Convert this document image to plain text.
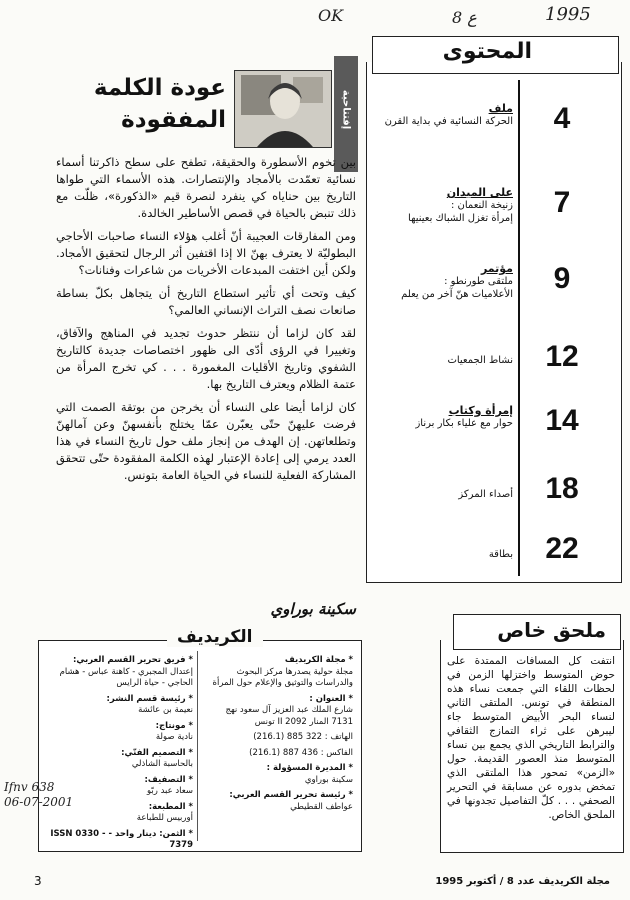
OK	ع 8	1995
4
ملف
الحركة النسائية في بداية القرن
7
على الميدان
زنيخة النعمان :
إمرأة تغزل الشباك بعينيها
9
مؤتمر
ملتقى طورنطو :
الأعلاميات هنّ آخر من يعلم
12
نشاط الجمعيات
14
إمرأة وكتاب
حوار مع علياء بكار برناز
18
أصداء المركز
22
بطاقة
المحتوى
إفتتاحية
عودة الكلمة
المفقودة

بين تخوم الأسطورة والحقيقة، تطفح على سطح ذاكرتنا أسماء نسائية تعمّدت بالأمجاد والإنتصارات. هذه الأسماء التي طواها التاريخ بين حناياه كي ينفرد لنصرة قيم «الذكورة»، ظلّت مع ذلك تنبض بالحياة في قصص الأساطير الخالدة.

ومن المفارقات العجيبة أنّ أغلب هؤلاء النساء صاحبات الأحاجي البطوليّة لا يعترف بهنّ الا إذا اقتفين أثر الرجال لتحقيق الأمجاد. ولكن أين اختفت المبدعات الأخريات من شاعرات وفنانات؟

كيف وتحت أي تأثير استطاع التاريخ أن يتجاهل بكلّ بساطة صانعات نصف التراث الإنساني العالمي؟

لقد كان لزاما أن ننتظر حدوث تجديد في المناهج والآفاق، وتغييرا في الرؤى أدّى الى ظهور اختصاصات جديدة كالتاريخ الشفوي وتاريخ الأقليات المغمورة . . . كي تخرج المرأة من عتمة الظلام ويعترف التاريخ بها.

كان لزاما أيضا على النساء أن يخرجن من بوتقة الصمت التي فرضت عليهنّ حتّى يعبّرن عمّا يختلج بأنفسهنّ وعن آمالهنّ وتطلعاتهن. إن الهدف من إنجاز ملف حول تاريخ النساء في هذا العدد يرمي إلى إعادة الإعتبار لهذه الكلمة المفقودة حتّى تتحقق المشاركة الفعلية للنساء في الحياة العامة بتونس.

سكينة بوراوي
الكريديف

* مجلة الكريديف
مجلة حولية يصدرها مركز البحوث والدراسات والتوثيق والإعلام حول المرأة

* العنوان :
شارع الملك عبد العزيز آل سعود نهج 7131 المنار II 2092 تونس

الهاتف : 322 885 (216.1)

الفاكس : 436 887 (216.1)

* المديرة المسؤولة :
سكينة بوراوي

* رئيسة تحرير القسم العربي:
عواطف القطيطي

* فريق تحرير القسم العربي:
إعتدال المجبري - كاهنة عباس - هشام الحاجي - حياة الرايس

* رئيسة قسم النشر:
نعيمة بن عائشة

* مونتاج:
نادية صولة

* التصميم الفنّي:
بالحاسبة الشاذلي

* التصفيف:
سعاد عبد ربّو

* المطبعة:
أوربيس للطباعة

* الثمن: دينار واحد - ISSN 0330 - 7379

Ifnv 638
06-07-2001
انتفت كل المسافات الممتدة على حوض المتوسط واختزلها الزمن في لحظات اللقاء التي جمعت نساء هذه المنطقة في تونس. الملتقى الثاني لنساء البحر الأبيض المتوسط جاء ليبرهن على ثراء التمازج الثقافي والترابط التاريخي الذي يجمع بين نساء المتوسط منذ العصور القديمة. حول «الزمن» تمحور هذا الملتقى الذي تمخض بدوره عن مسابقة في التحرير الصحفي . . . كلّ التفاصيل تجدونها في الملحق الخاص.
ملحق خاص
3	مجلة الكريديف عدد 8 / أكتوبر 1995
